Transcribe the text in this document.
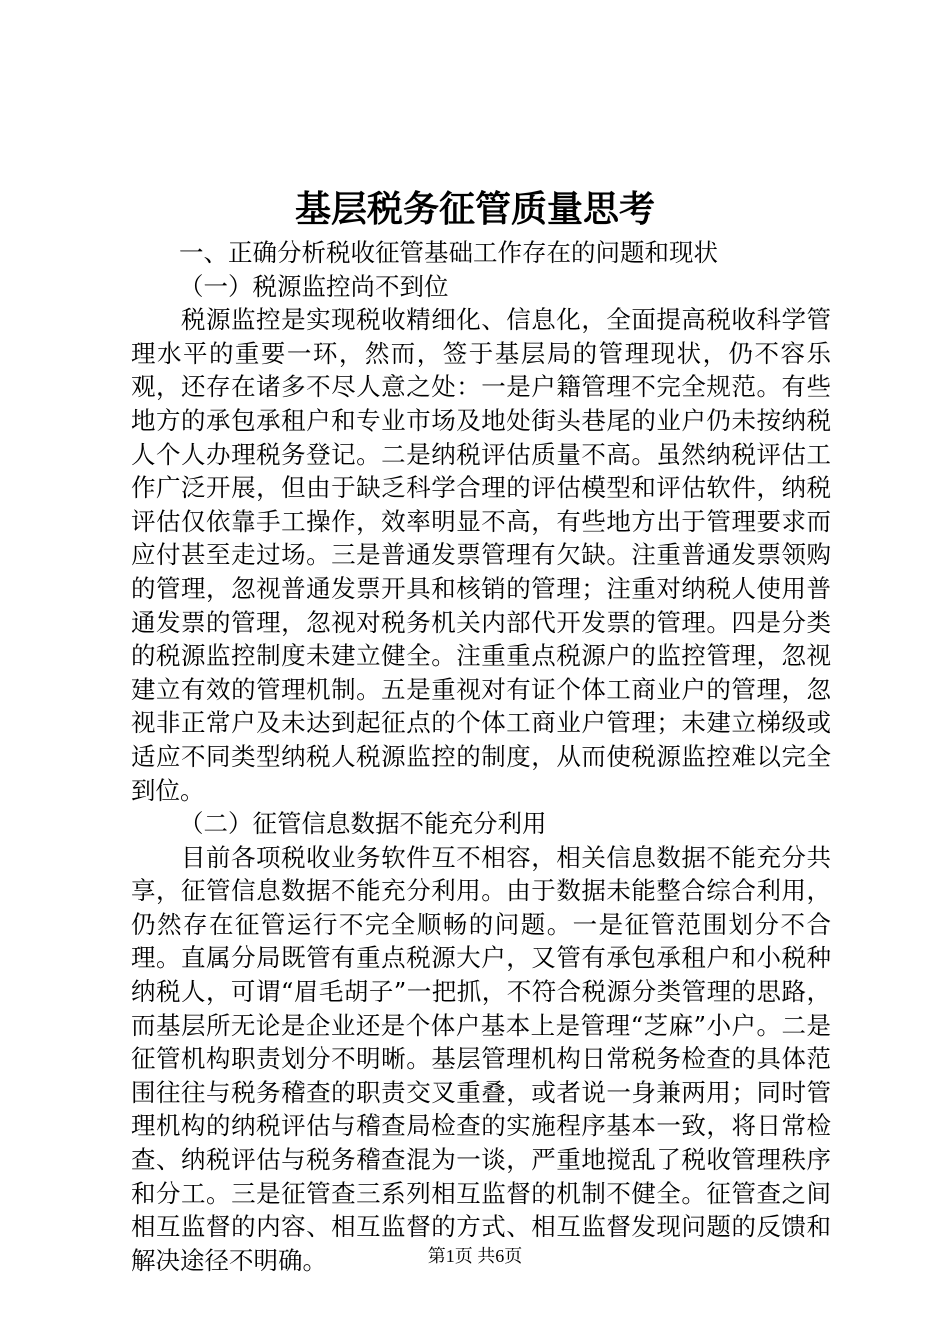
基层税务征管质量思考

一、正确分析税收征管基础工作存在的问题和现状

（一）税源监控尚不到位

税源监控是实现税收精细化、信息化，全面提高税收科学管理水平的重要一环，然而，签于基层局的管理现状，仍不容乐观，还存在诸多不尽人意之处：一是户籍管理不完全规范。有些地方的承包承租户和专业市场及地处街头巷尾的业户仍未按纳税人个人办理税务登记。二是纳税评估质量不高。虽然纳税评估工作广泛开展，但由于缺乏科学合理的评估模型和评估软件，纳税评估仅依靠手工操作，效率明显不高，有些地方出于管理要求而应付甚至走过场。三是普通发票管理有欠缺。注重普通发票领购的管理，忽视普通发票开具和核销的管理；注重对纳税人使用普通发票的管理，忽视对税务机关内部代开发票的管理。四是分类的税源监控制度未建立健全。注重重点税源户的监控管理，忽视建立有效的管理机制。五是重视对有证个体工商业户的管理，忽视非正常户及未达到起征点的个体工商业户管理；未建立梯级或适应不同类型纳税人税源监控的制度，从而使税源监控难以完全到位。

（二）征管信息数据不能充分利用

目前各项税收业务软件互不相容，相关信息数据不能充分共享，征管信息数据不能充分利用。由于数据未能整合综合利用，仍然存在征管运行不完全顺畅的问题。一是征管范围划分不合理。直属分局既管有重点税源大户，又管有承包承租户和小税种纳税人，可谓“眉毛胡子”一把抓，不符合税源分类管理的思路，而基层所无论是企业还是个体户基本上是管理“芝麻”小户。二是征管机构职责划分不明晰。基层管理机构日常税务检查的具体范围往往与税务稽查的职责交叉重叠，或者说一身兼两用；同时管理机构的纳税评估与稽查局检查的实施程序基本一致，将日常检查、纳税评估与税务稽查混为一谈，严重地搅乱了税收管理秩序和分工。三是征管查三系列相互监督的机制不健全。征管查之间相互监督的内容、相互监督的方式、相互监督发现问题的反馈和解决途径不明确。	第1页 共6页
